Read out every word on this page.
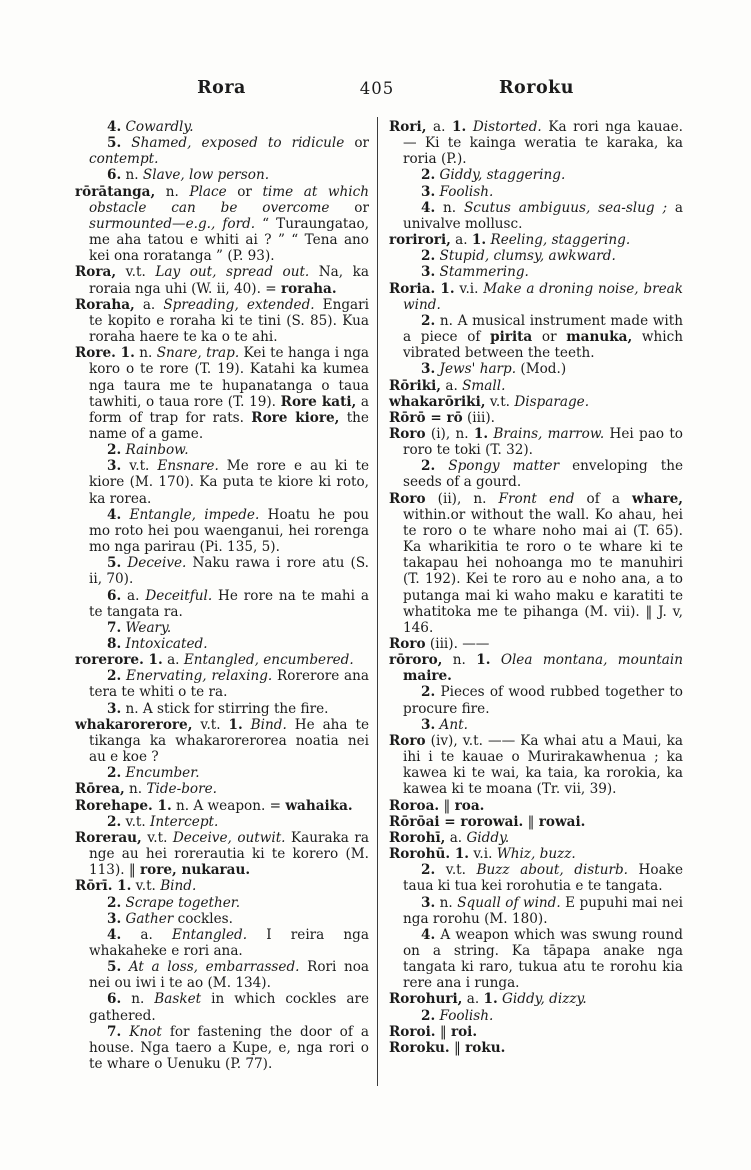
Rora	405	Roroku

4. Cowardly.

5. Shamed, exposed to ridicule or contempt.

6. n. Slave, low person.

rōrātanga, n. Place or time at which obstacle can be overcome or surmounted—e.g., ford. “ Turaungatao, me aha tatou e whiti ai ? ” “ Tena ano kei ona roratanga ” (P. 93).

Rora, v.t. Lay out, spread out. Na, ka roraia nga uhi (W. ii, 40). = roraha.

Roraha, a. Spreading, extended. Engari te kopito e roraha ki te tini (S. 85). Kua roraha haere te ka o te ahi.

Rore. 1. n. Snare, trap. Kei te hanga i nga koro o te rore (T. 19). Katahi ka kumea nga taura me te hupanatanga o taua tawhiti, o taua rore (T. 19). Rore kati, a form of trap for rats. Rore kiore, the name of a game.

2. Rainbow.

3. v.t. Ensnare. Me rore e au ki te kiore (M. 170). Ka puta te kiore ki roto, ka rorea.

4. Entangle, impede. Hoatu he pou mo roto hei pou waenganui, hei rorenga mo nga parirau (Pi. 135, 5).

5. Deceive. Naku rawa i rore atu (S. ii, 70).

6. a. Deceitful. He rore na te mahi a te tangata ra.

7. Weary.

8. Intoxicated.

rorerore. 1. a. Entangled, encumbered.

2. Enervating, relaxing. Rorerore ana tera te whiti o te ra.

3. n. A stick for stirring the fire.

whakarorerore, v.t. 1. Bind. He aha te tikanga ka whakarorerorea noatia nei au e koe ?

2. Encumber.

Rōrea, n. Tide-bore.

Rorehape. 1. n. A weapon. = wahaika.

2. v.t. Intercept.

Rorerau, v.t. Deceive, outwit. Kauraka ra nge au hei rorerautia ki te korero (M. 113). ‖ rore, nukarau.

Rōrī. 1. v.t. Bind.

2. Scrape together.

3. Gather cockles.

4. a. Entangled. I reira nga whakaheke e rori ana.

5. At a loss, embarrassed. Rori noa nei ou iwi i te ao (M. 134).

6. n. Basket in which cockles are gathered.

7. Knot for fastening the door of a house. Nga taero a Kupe, e, nga rori o te whare o Uenuku (P. 77).

Rori, a. 1. Distorted. Ka rori nga kauae. — Ki te kainga weratia te karaka, ka roria (P.).

2. Giddy, staggering.

3. Foolish.

4. n. Scutus ambiguus, sea-slug ; a univalve mollusc.

rorirori, a. 1. Reeling, staggering.

2. Stupid, clumsy, awkward.

3. Stammering.

Roria. 1. v.i. Make a droning noise, break wind.

2. n. A musical instrument made with a piece of pirita or manuka, which vibrated between the teeth.

3. Jews' harp. (Mod.)

Rōriki, a. Small.

whakarōriki, v.t. Disparage.

Rōrō = rō (iii).

Roro (i), n. 1. Brains, marrow. Hei pao to roro te toki (T. 32).

2. Spongy matter enveloping the seeds of a gourd.

Roro (ii), n. Front end of a whare, within.or without the wall. Ko ahau, hei te roro o te whare noho mai ai (T. 65). Ka wharikitia te roro o te whare ki te takapau hei nohoanga mo te manuhiri (T. 192). Kei te roro au e noho ana, a to putanga mai ki waho maku e karatiti te whatitoka me te pihanga (M. vii). ‖ J. v, 146.

Roro (iii). ——

rōroro, n. 1. Olea montana, mountain maire.

2. Pieces of wood rubbed together to procure fire.

3. Ant.

Roro (iv), v.t. —— Ka whai atu a Maui, ka ihi i te kauae o Murirakawhenua ; ka kawea ki te wai, ka taia, ka rorokia, ka kawea ki te moana (Tr. vii, 39).

Roroa. ‖ roa.

Rōrōai = rorowai. ‖ rowai.

Rorohī, a. Giddy.

Rorohū. 1. v.i. Whiz, buzz.

2. v.t. Buzz about, disturb. Hoake taua ki tua kei rorohutia e te tangata.

3. n. Squall of wind. E pupuhi mai nei nga rorohu (M. 180).

4. A weapon which was swung round on a string. Ka tāpapa anake nga tangata ki raro, tukua atu te rorohu kia rere ana i runga.

Rorohuri, a. 1. Giddy, dizzy.

2. Foolish.

Roroi. ‖ roi.

Roroku. ‖ roku.
